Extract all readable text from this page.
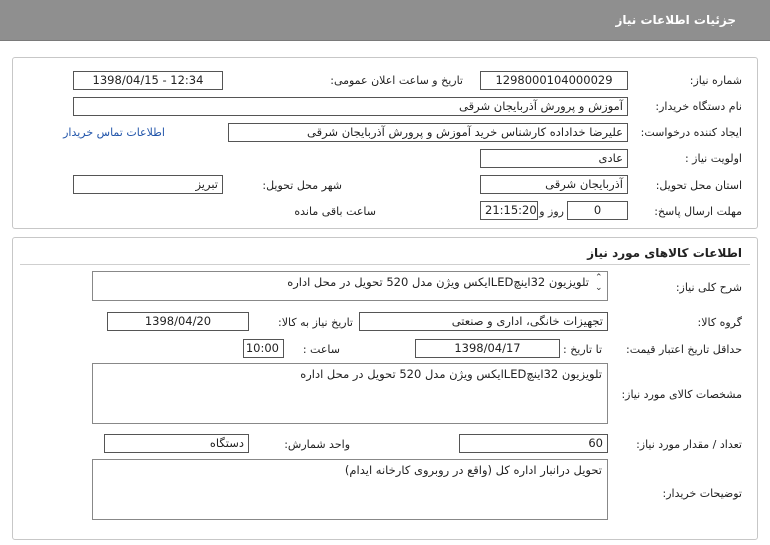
جزئیات اطلاعات نیاز
شماره نیاز:
1298000104000029
تاریخ و ساعت اعلان عمومی:
1398/04/15 - 12:34
نام دستگاه خریدار:
آموزش و پرورش آذربایجان شرقی
ایجاد کننده درخواست:
علیرضا خداداده کارشناس خرید آموزش و پرورش آذربایجان شرقی
اطلاعات تماس خریدار
اولویت نیاز :
عادی
استان محل تحویل:
آذربایجان شرقی
شهر محل تحویل:
تبریز
مهلت ارسال پاسخ:
0
روز و
21:15:20
ساعت باقی مانده
اطلاعات کالاهای مورد نیاز
شرح کلی نیاز:
تلویزیون 32اینچLEDایکس ویژن مدل 520 تحویل در محل اداره ⌃
⌄
گروه کالا:
تجهیزات خانگی، اداری و صنعتی
تاریخ نیاز به کالا:
1398/04/20
حداقل تاریخ اعتبار قیمت:
تا تاریخ :
1398/04/17
ساعت :
10:00
مشخصات کالای مورد نیاز:
تلویزیون 32اینچLEDایکس ویژن مدل 520 تحویل در محل اداره
تعداد / مقدار مورد نیاز:
60
واحد شمارش:
دستگاه
توضیحات خریدار:
تحویل درانبار اداره کل (واقع در روبروی کارخانه ایدام)
